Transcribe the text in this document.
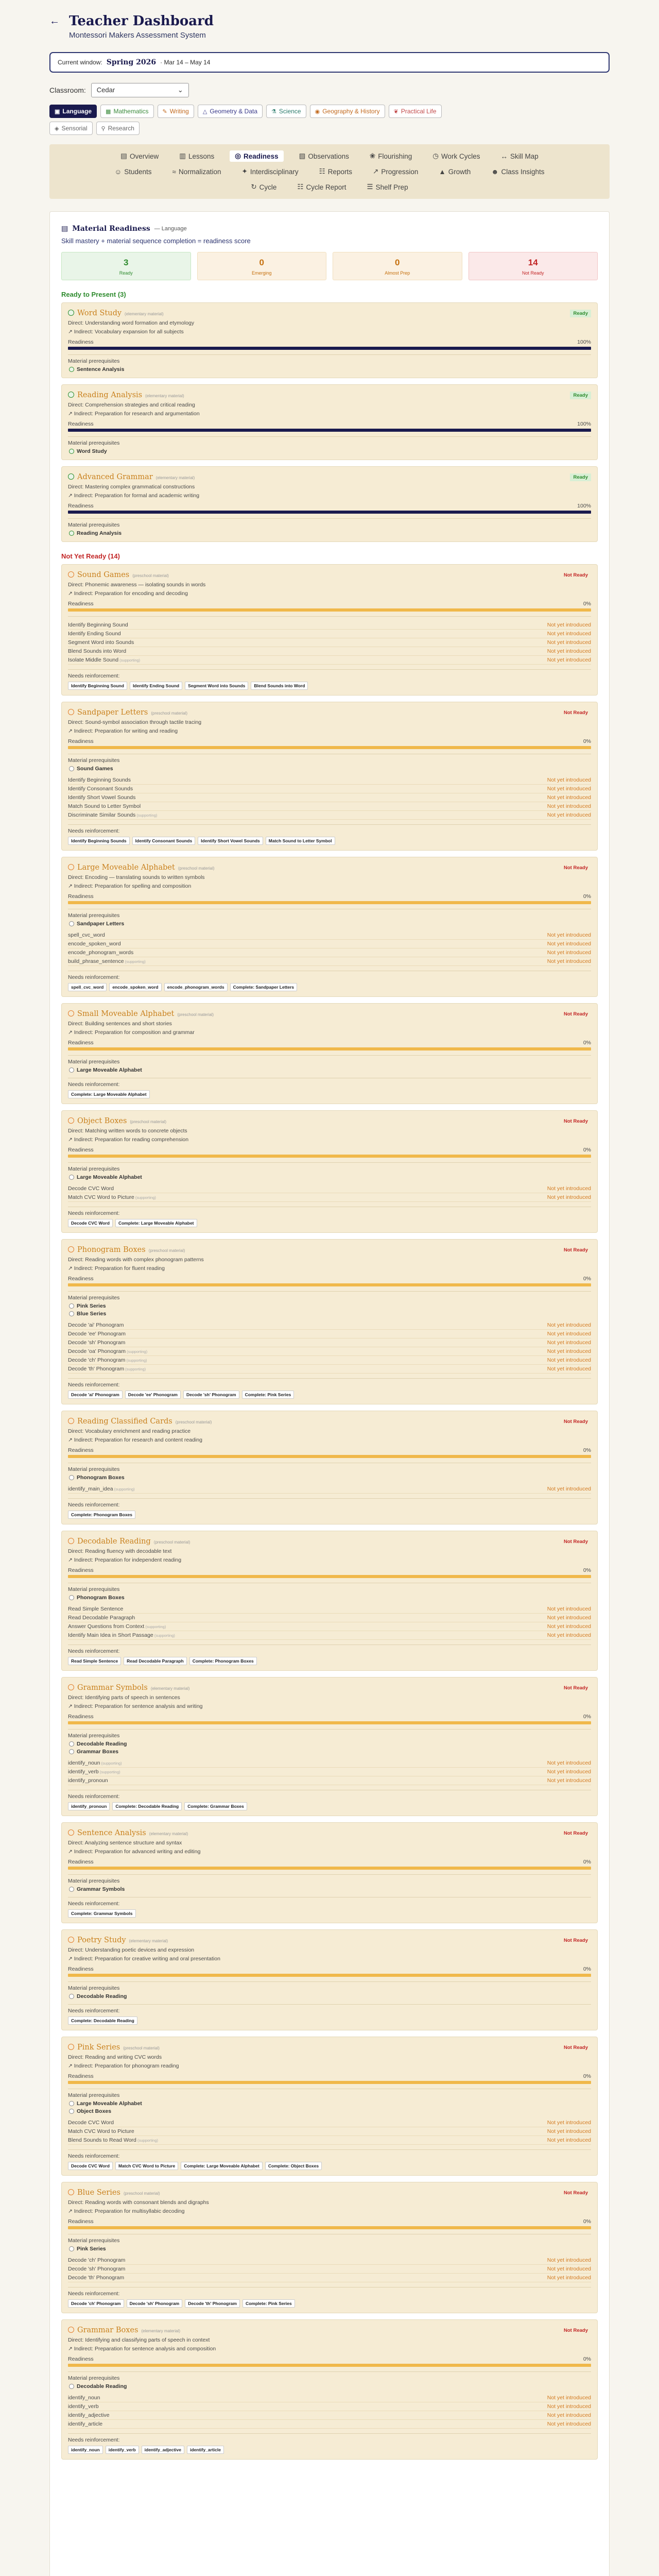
← Teacher Dashboard
Montessori Makers Assessment System
Current window: Spring 2026 · Mar 14 – May 14
Classroom: Cedar	⌄
▣ Language ▦ Mathematics ✎ Writing △ Geometry & Data ⚗ Science ◉ Geography & History ❦ Practical Life
◈ Sensorial ⚲ Research
▤ Overview	▥ Lessons	◎ Readiness	▧ Observations	❀ Flourishing	◷ Work Cycles	↔ Skill Map
☺ Students	≈ Normalization	✦ Interdisciplinary	☷ Reports	↗ Progression	▲ Growth	☻ Class Insights
↻ Cycle	☷ Cycle Report	☰ Shelf Prep
▤ Material Readiness — Language
Skill mastery + material sequence completion = readiness score
3
Ready
0
Emerging
0
Almost Prep
14
Not Ready
Ready to Present (3)
Word Study (elementary material)	Ready
Direct: Understanding word formation and etymology
↗ Indirect: Vocabulary expansion for all subjects
Readiness	100%
Material prerequisites
Sentence Analysis
Reading Analysis (elementary material)	Ready
Direct: Comprehension strategies and critical reading
↗ Indirect: Preparation for research and argumentation
Readiness	100%
Material prerequisites
Word Study
Advanced Grammar (elementary material)	Ready
Direct: Mastering complex grammatical constructions
↗ Indirect: Preparation for formal and academic writing
Readiness	100%
Material prerequisites
Reading Analysis
Not Yet Ready (14)
Sound Games (preschool material)	Not Ready
Direct: Phonemic awareness — isolating sounds in words
↗ Indirect: Preparation for encoding and decoding
Readiness	0%
Identify Beginning Sound	Not yet introduced
Identify Ending Sound	Not yet introduced
Segment Word into Sounds	Not yet introduced
Blend Sounds into Word	Not yet introduced
Isolate Middle Sound (supporting)	Not yet introduced
Needs reinforcement:
Identify Beginning Sound	Identify Ending Sound	Segment Word into Sounds	Blend Sounds into Word
Sandpaper Letters (preschool material)	Not Ready
Direct: Sound-symbol association through tactile tracing
↗ Indirect: Preparation for writing and reading
Readiness	0%
Material prerequisites
Sound Games
Identify Beginning Sounds	Not yet introduced
Identify Consonant Sounds	Not yet introduced
Identify Short Vowel Sounds	Not yet introduced
Match Sound to Letter Symbol	Not yet introduced
Discriminate Similar Sounds (supporting)	Not yet introduced
Needs reinforcement:
Identify Beginning Sounds	Identify Consonant Sounds	Identify Short Vowel Sounds	Match Sound to Letter Symbol
Large Moveable Alphabet (preschool material)	Not Ready
Direct: Encoding — translating sounds to written symbols
↗ Indirect: Preparation for spelling and composition
Readiness	0%
Material prerequisites
Sandpaper Letters
spell_cvc_word	Not yet introduced
encode_spoken_word	Not yet introduced
encode_phonogram_words	Not yet introduced
build_phrase_sentence (supporting)	Not yet introduced
Needs reinforcement:
spell_cvc_word	encode_spoken_word	encode_phonogram_words	Complete: Sandpaper Letters
Small Moveable Alphabet (preschool material)	Not Ready
Direct: Building sentences and short stories
↗ Indirect: Preparation for composition and grammar
Readiness	0%
Material prerequisites
Large Moveable Alphabet
Needs reinforcement:
Complete: Large Moveable Alphabet
Object Boxes (preschool material)	Not Ready
Direct: Matching written words to concrete objects
↗ Indirect: Preparation for reading comprehension
Readiness	0%
Material prerequisites
Large Moveable Alphabet
Decode CVC Word	Not yet introduced
Match CVC Word to Picture (supporting)	Not yet introduced
Needs reinforcement:
Decode CVC Word	Complete: Large Moveable Alphabet
Phonogram Boxes (preschool material)	Not Ready
Direct: Reading words with complex phonogram patterns
↗ Indirect: Preparation for fluent reading
Readiness	0%
Material prerequisites
Pink Series
Blue Series
Decode 'ai' Phonogram	Not yet introduced
Decode 'ee' Phonogram	Not yet introduced
Decode 'sh' Phonogram	Not yet introduced
Decode 'oa' Phonogram (supporting)	Not yet introduced
Decode 'ch' Phonogram (supporting)	Not yet introduced
Decode 'th' Phonogram (supporting)	Not yet introduced
Needs reinforcement:
Decode 'ai' Phonogram	Decode 'ee' Phonogram	Decode 'sh' Phonogram	Complete: Pink Series
Reading Classified Cards (preschool material)	Not Ready
Direct: Vocabulary enrichment and reading practice
↗ Indirect: Preparation for research and content reading
Readiness	0%
Material prerequisites
Phonogram Boxes
identify_main_idea (supporting)	Not yet introduced
Needs reinforcement:
Complete: Phonogram Boxes
Decodable Reading (preschool material)	Not Ready
Direct: Reading fluency with decodable text
↗ Indirect: Preparation for independent reading
Readiness	0%
Material prerequisites
Phonogram Boxes
Read Simple Sentence	Not yet introduced
Read Decodable Paragraph	Not yet introduced
Answer Questions from Context (supporting)	Not yet introduced
Identify Main Idea in Short Passage (supporting)	Not yet introduced
Needs reinforcement:
Read Simple Sentence	Read Decodable Paragraph	Complete: Phonogram Boxes
Grammar Symbols (elementary material)	Not Ready
Direct: Identifying parts of speech in sentences
↗ Indirect: Preparation for sentence analysis and writing
Readiness	0%
Material prerequisites
Decodable Reading
Grammar Boxes
identify_noun (supporting)	Not yet introduced
identify_verb (supporting)	Not yet introduced
identify_pronoun	Not yet introduced
Needs reinforcement:
identify_pronoun	Complete: Decodable Reading	Complete: Grammar Boxes
Sentence Analysis (elementary material)	Not Ready
Direct: Analyzing sentence structure and syntax
↗ Indirect: Preparation for advanced writing and editing
Readiness	0%
Material prerequisites
Grammar Symbols
Needs reinforcement:
Complete: Grammar Symbols
Poetry Study (elementary material)	Not Ready
Direct: Understanding poetic devices and expression
↗ Indirect: Preparation for creative writing and oral presentation
Readiness	0%
Material prerequisites
Decodable Reading
Needs reinforcement:
Complete: Decodable Reading
Pink Series (preschool material)	Not Ready
Direct: Reading and writing CVC words
↗ Indirect: Preparation for phonogram reading
Readiness	0%
Material prerequisites
Large Moveable Alphabet
Object Boxes
Decode CVC Word	Not yet introduced
Match CVC Word to Picture	Not yet introduced
Blend Sounds to Read Word (supporting)	Not yet introduced
Needs reinforcement:
Decode CVC Word	Match CVC Word to Picture	Complete: Large Moveable Alphabet	Complete: Object Boxes
Blue Series (preschool material)	Not Ready
Direct: Reading words with consonant blends and digraphs
↗ Indirect: Preparation for multisyllabic decoding
Readiness	0%
Material prerequisites
Pink Series
Decode 'ch' Phonogram	Not yet introduced
Decode 'sh' Phonogram	Not yet introduced
Decode 'th' Phonogram	Not yet introduced
Needs reinforcement:
Decode 'ch' Phonogram	Decode 'sh' Phonogram	Decode 'th' Phonogram	Complete: Pink Series
Grammar Boxes (elementary material)	Not Ready
Direct: Identifying and classifying parts of speech in context
↗ Indirect: Preparation for sentence analysis and composition
Readiness	0%
Material prerequisites
Decodable Reading
identify_noun	Not yet introduced
identify_verb	Not yet introduced
identify_adjective	Not yet introduced
identify_article	Not yet introduced
Needs reinforcement:
identify_noun	identify_verb	identify_adjective	identify_article
